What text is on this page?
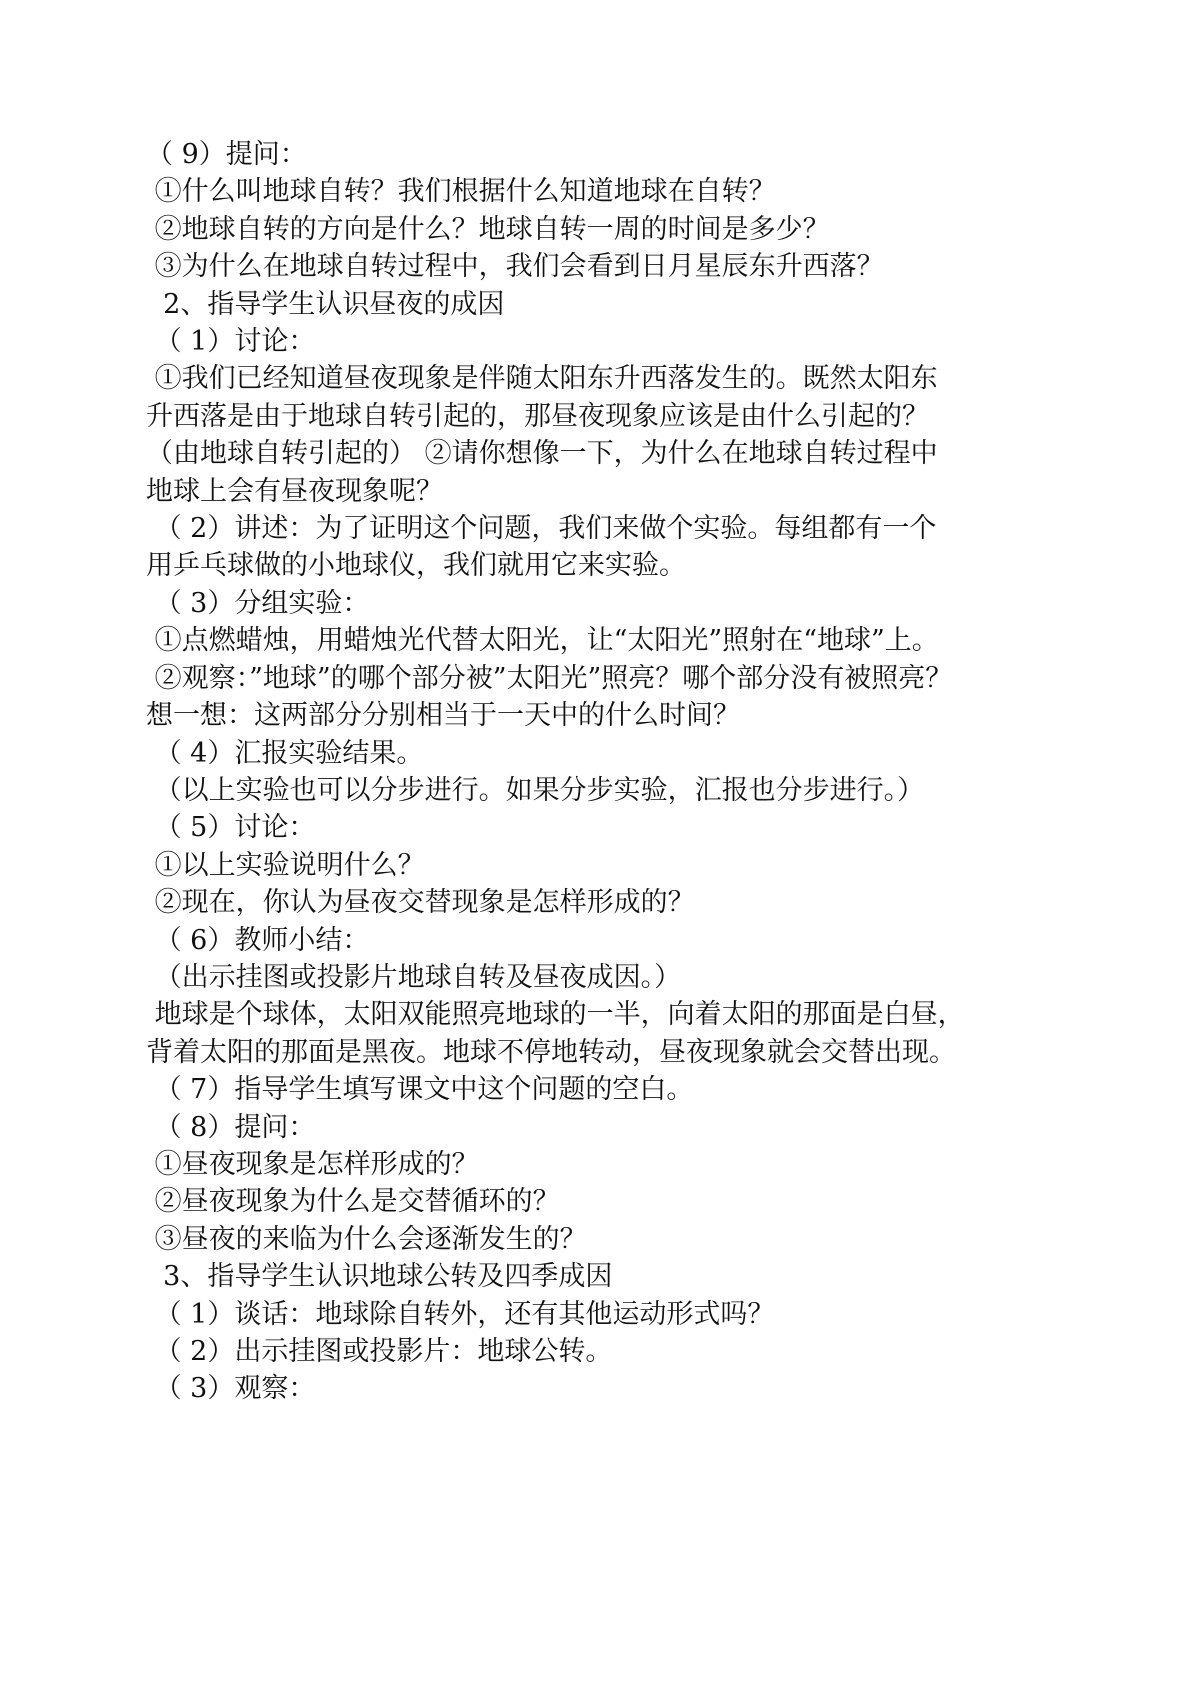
（ 9）提问：

①什么叫地球自转？我们根据什么知道地球在自转？

②地球自转的方向是什么？地球自转一周的时间是多少？

③为什么在地球自转过程中，我们会看到日月星辰东升西落？

2、指导学生认识昼夜的成因

（ 1）讨论：

①我们已经知道昼夜现象是伴随太阳东升西落发生的。既然太阳东

升西落是由于地球自转引起的，那昼夜现象应该是由什么引起的？

（由地球自转引起的） ②请你想像一下，为什么在地球自转过程中

地球上会有昼夜现象呢？

（ 2）讲述：为了证明这个问题，我们来做个实验。每组都有一个

用乒乓球做的小地球仪，我们就用它来实验。

（ 3）分组实验：

①点燃蜡烛，用蜡烛光代替太阳光，让“太阳光”照射在“地球”上。

②观察：”地球”的哪个部分被”太阳光”照亮？哪个部分没有被照亮？

想一想：这两部分分别相当于一天中的什么时间？

（ 4）汇报实验结果。

（以上实验也可以分步进行。如果分步实验，汇报也分步进行。）

（ 5）讨论：

①以上实验说明什么？

②现在，你认为昼夜交替现象是怎样形成的？

（ 6）教师小结：

（出示挂图或投影片地球自转及昼夜成因。）

地球是个球体，太阳双能照亮地球的一半，向着太阳的那面是白昼，

背着太阳的那面是黑夜。地球不停地转动，昼夜现象就会交替出现。

（ 7）指导学生填写课文中这个问题的空白。

（ 8）提问：

①昼夜现象是怎样形成的？

②昼夜现象为什么是交替循环的？

③昼夜的来临为什么会逐渐发生的？

3、指导学生认识地球公转及四季成因

（ 1）谈话：地球除自转外，还有其他运动形式吗？

（ 2）出示挂图或投影片：地球公转。

（ 3）观察：
